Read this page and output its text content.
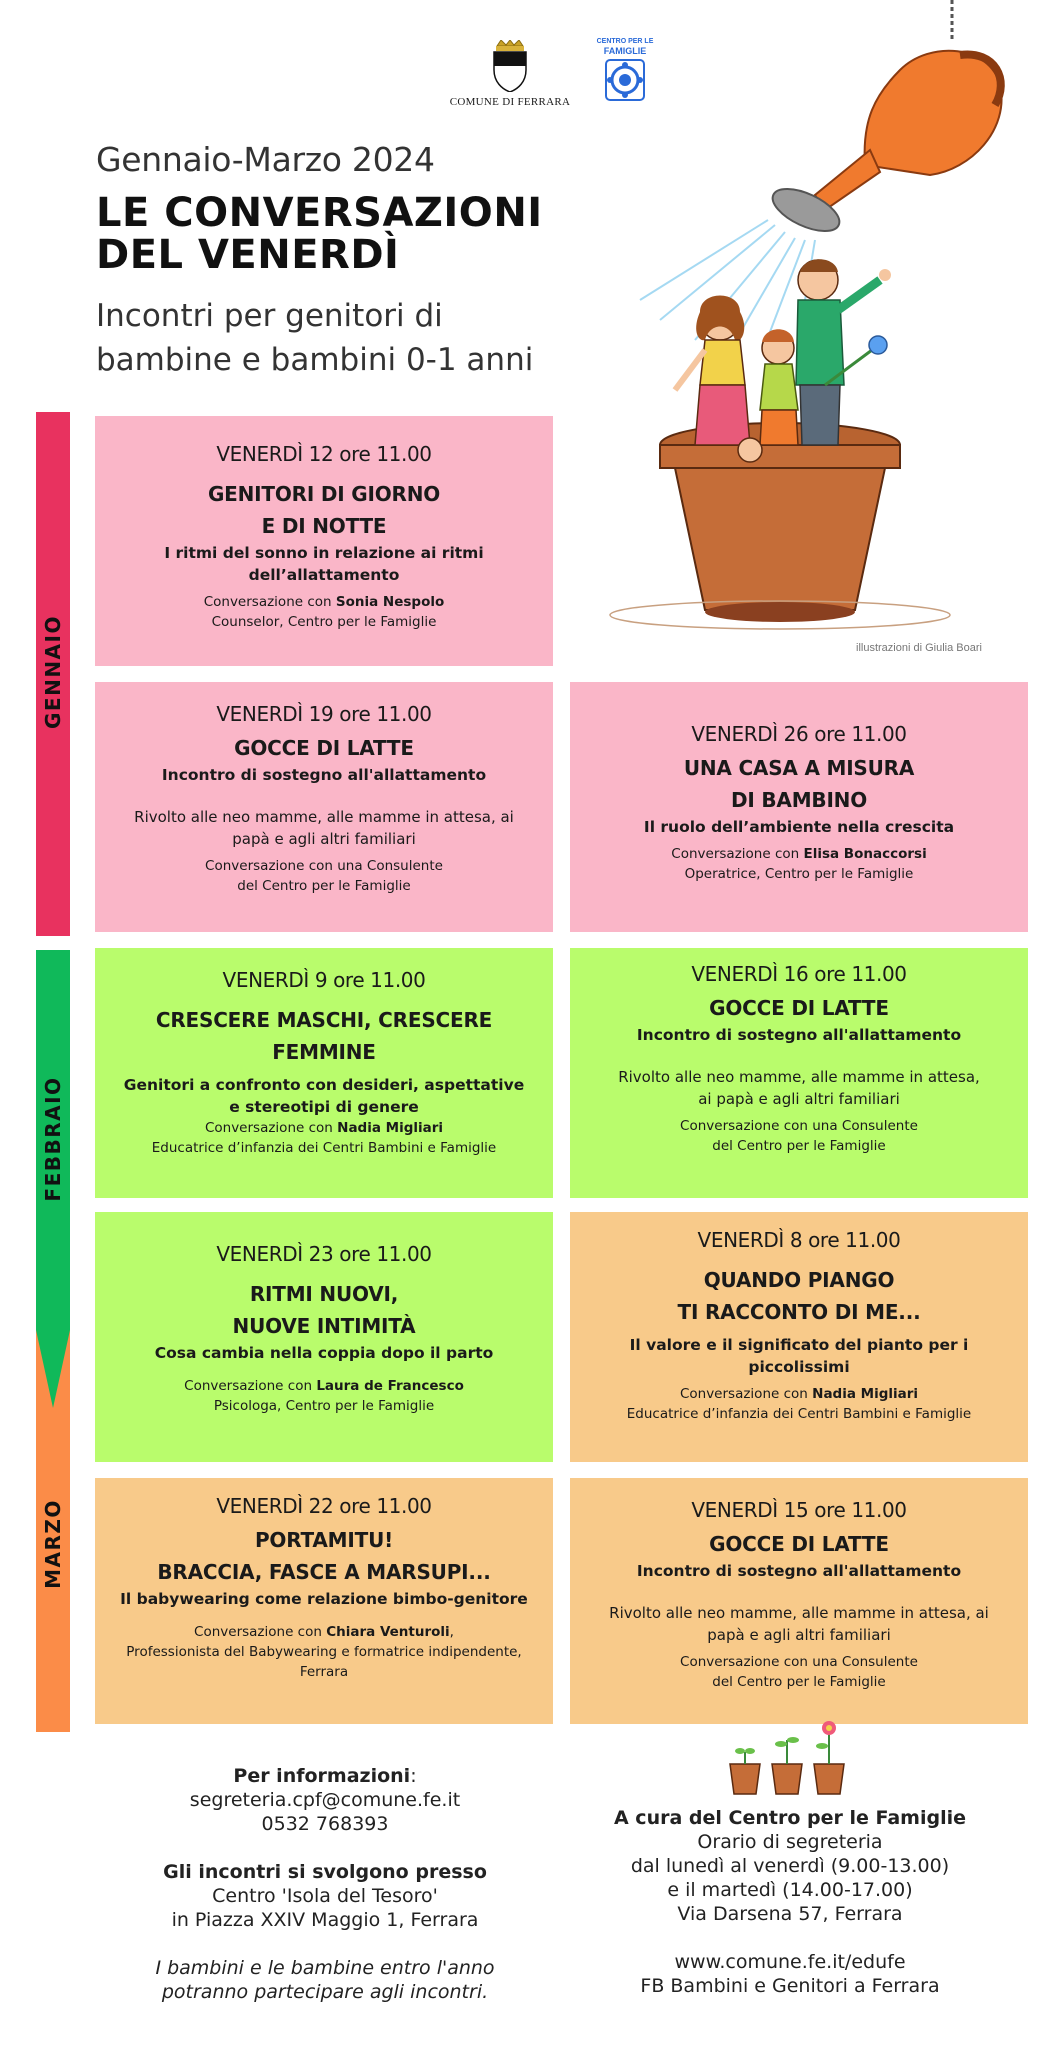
COMUNE DI FERRARA
CENTRO PER LE
FAMIGLIE
Gennaio-Marzo 2024
LE CONVERSAZIONI
DEL VENERDÌ
Incontri per genitori di
bambine e bambini 0-1 anni
illustrazioni di Giulia Boari
GENNAIO
FEBBRAIO
MARZO
VENERDÌ 12 ore 11.00
GENITORI DI GIORNO
E DI NOTTE
I ritmi del sonno in relazione ai ritmi
dell’allattamento
Conversazione con Sonia Nespolo
Counselor, Centro per le Famiglie
VENERDÌ 19 ore 11.00
GOCCE DI LATTE
Incontro di sostegno all'allattamento
Rivolto alle neo mamme, alle mamme in attesa, ai
papà e agli altri familiari
Conversazione con una Consulente
del Centro per le Famiglie
VENERDÌ 26 ore 11.00
UNA CASA A MISURA
DI BAMBINO
Il ruolo dell’ambiente nella crescita
Conversazione con Elisa Bonaccorsi
Operatrice, Centro per le Famiglie
VENERDÌ 9 ore 11.00
CRESCERE MASCHI, CRESCERE
FEMMINE
Genitori a confronto con desideri, aspettative
e stereotipi di genere
Conversazione con Nadia Migliari
Educatrice d’infanzia dei Centri Bambini e Famiglie
VENERDÌ 16 ore 11.00
GOCCE DI LATTE
Incontro di sostegno all'allattamento
Rivolto alle neo mamme, alle mamme in attesa,
ai papà e agli altri familiari
Conversazione con una Consulente
del Centro per le Famiglie
VENERDÌ 23 ore 11.00
RITMI NUOVI,
NUOVE INTIMITÀ
Cosa cambia nella coppia dopo il parto
Conversazione con Laura de Francesco
Psicologa, Centro per le Famiglie
VENERDÌ 8 ore 11.00
QUANDO PIANGO
TI RACCONTO DI ME...
Il valore e il significato del pianto per i
piccolissimi
Conversazione con Nadia Migliari
Educatrice d’infanzia dei Centri Bambini e Famiglie
VENERDÌ 22 ore 11.00
PORTAMITU!
BRACCIA, FASCE A MARSUPI...
Il babywearing come relazione bimbo-genitore
Conversazione con Chiara Venturoli,
Professionista del Babywearing e formatrice indipendente,
Ferrara
VENERDÌ 15 ore 11.00
GOCCE DI LATTE
Incontro di sostegno all'allattamento
Rivolto alle neo mamme, alle mamme in attesa, ai
papà e agli altri familiari
Conversazione con una Consulente
del Centro per le Famiglie
Per informazioni:
segreteria.cpf@comune.fe.it
0532 768393
Gli incontri si svolgono presso
Centro 'Isola del Tesoro'
in Piazza XXIV Maggio 1, Ferrara
I bambini e le bambine entro l'anno
potranno partecipare agli incontri.
A cura del Centro per le Famiglie
Orario di segreteria
dal lunedì al venerdì (9.00-13.00)
e il martedì (14.00-17.00)
Via Darsena 57, Ferrara
www.comune.fe.it/edufe
FB Bambini e Genitori a Ferrara
